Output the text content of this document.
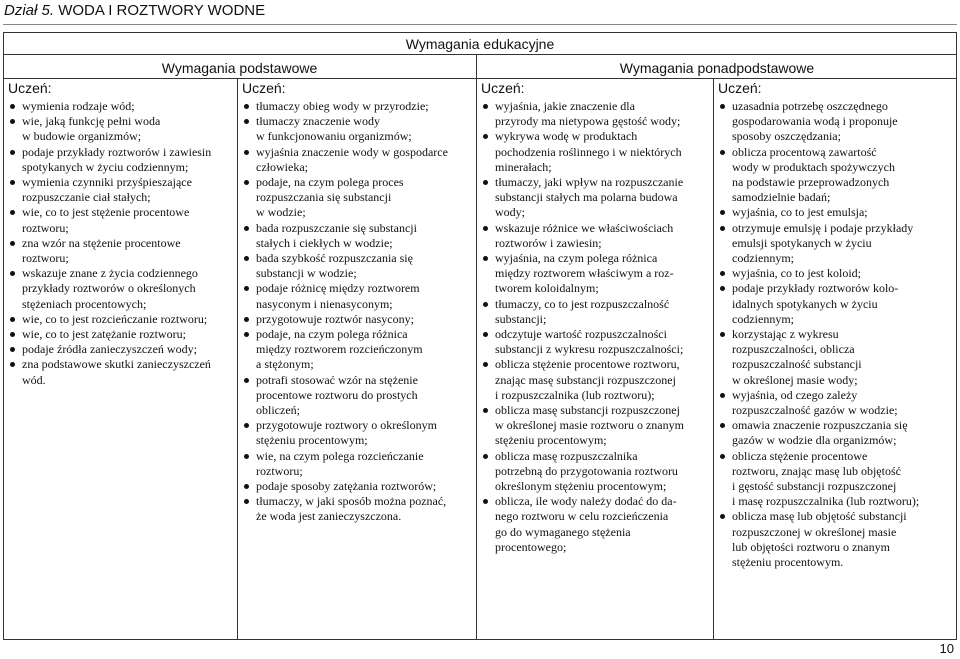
Dział 5. WODA I ROZTWORY WODNE
Wymagania edukacyjne
Wymagania podstawowe	Wymagania ponadpodstawowe
Uczeń:
wymienia rodzaje wód;
wie, jaką funkcję pełni woda
w budowie organizmów;
podaje przykłady roztworów i zawiesin
spotykanych w życiu codziennym;
wymienia czynniki przyśpieszające
rozpuszczanie ciał stałych;
wie, co to jest stężenie procentowe
roztworu;
zna wzór na stężenie procentowe
roztworu;
wskazuje znane z życia codziennego
przykłady roztworów o określonych
stężeniach procentowych;
wie, co to jest rozcieńczanie roztworu;
wie, co to jest zatężanie roztworu;
podaje źródła zanieczyszczeń wody;
zna podstawowe skutki zanieczyszczeń
wód.
Uczeń:
tłumaczy obieg wody w przyrodzie;
tłumaczy znaczenie wody
w funkcjonowaniu organizmów;
wyjaśnia znaczenie wody w gospodarce
człowieka;
podaje, na czym polega proces
rozpuszczania się substancji
w wodzie;
bada rozpuszczanie się substancji
stałych i ciekłych w wodzie;
bada szybkość rozpuszczania się
substancji w wodzie;
podaje różnicę między roztworem
nasyconym i nienasyconym;
przygotowuje roztwór nasycony;
podaje, na czym polega różnica
między roztworem rozcieńczonym
a stężonym;
potrafi stosować wzór na stężenie
procentowe roztworu do prostych
obliczeń;
przygotowuje roztwory o określonym
stężeniu procentowym;
wie, na czym polega rozcieńczanie
roztworu;
podaje sposoby zatężania roztworów;
tłumaczy, w jaki sposób można poznać,
że woda jest zanieczyszczona.
Uczeń:
wyjaśnia, jakie znaczenie dla
przyrody ma nietypowa gęstość wody;
wykrywa wodę w produktach
pochodzenia roślinnego i w niektórych
minerałach;
tłumaczy, jaki wpływ na rozpuszczanie
substancji stałych ma polarna budowa
wody;
wskazuje różnice we właściwościach
roztworów i zawiesin;
wyjaśnia, na czym polega różnica
między roztworem właściwym a roz-
tworem koloidalnym;
tłumaczy, co to jest rozpuszczalność
substancji;
odczytuje wartość rozpuszczalności
substancji z wykresu rozpuszczalności;
oblicza stężenie procentowe roztworu,
znając masę substancji rozpuszczonej
i rozpuszczalnika (lub roztworu);
oblicza masę substancji rozpuszczonej
w określonej masie roztworu o znanym
stężeniu procentowym;
oblicza masę rozpuszczalnika
potrzebną do przygotowania roztworu
określonym stężeniu procentowym;
oblicza, ile wody należy dodać do da-
nego roztworu w celu rozcieńczenia
go do wymaganego stężenia
procentowego;
Uczeń:
uzasadnia potrzebę oszczędnego
gospodarowania wodą i proponuje
sposoby oszczędzania;
oblicza procentową zawartość
wody w produktach spożywczych
na podstawie przeprowadzonych
samodzielnie badań;
wyjaśnia, co to jest emulsja;
otrzymuje emulsję i podaje przykłady
emulsji spotykanych w życiu
codziennym;
wyjaśnia, co to jest koloid;
podaje przykłady roztworów kolo-
idalnych spotykanych w życiu
codziennym;
korzystając z wykresu
rozpuszczalności, oblicza
rozpuszczalność substancji
w określonej masie wody;
wyjaśnia, od czego zależy
rozpuszczalność gazów w wodzie;
omawia znaczenie rozpuszczania się
gazów w wodzie dla organizmów;
oblicza stężenie procentowe
roztworu, znając masę lub objętość
i gęstość substancji rozpuszczonej
i masę rozpuszczalnika (lub roztworu);
oblicza masę lub objętość substancji
rozpuszczonej w określonej masie
lub objętości roztworu o znanym
stężeniu procentowym.
10
